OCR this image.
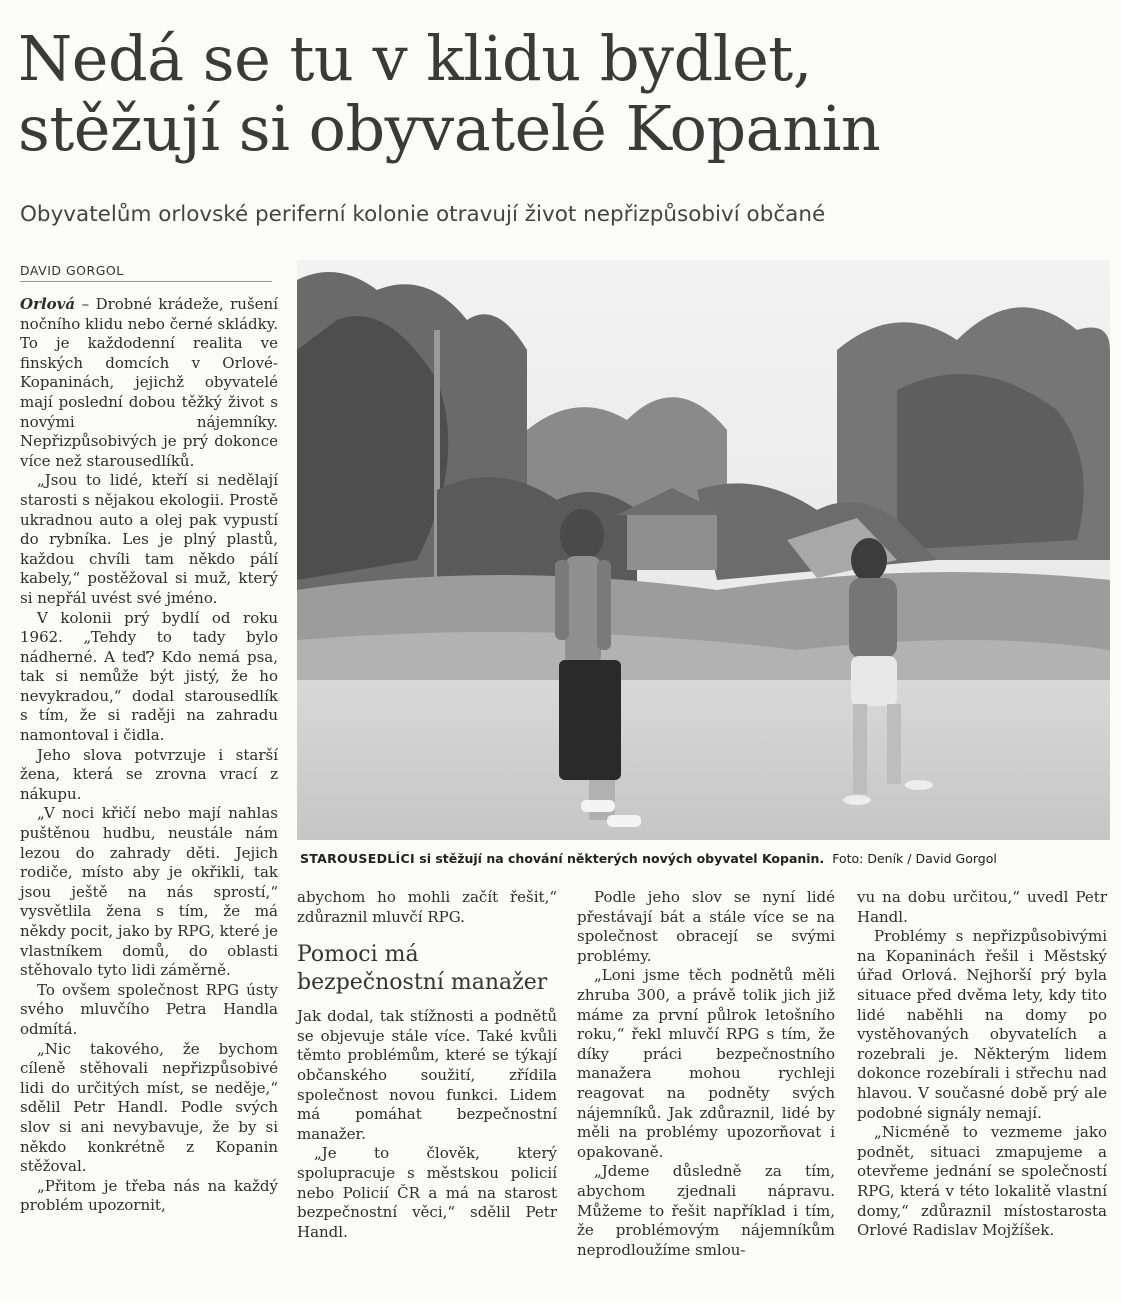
Nedá se tu v klidu bydlet,
stěžují si obyvatelé Kopanin
Obyvatelům orlovské periferní kolonie otravují život nepřizpůsobiví občané
DAVID GORGOL

Orlová – Drobné krádeže, rušení nočního klidu nebo černé skládky. To je každodenní realita ve finských domcích v Orlové-Kopaninách, jejichž obyvatelé mají poslední dobou těžký život s novými nájemníky. Nepřizpůsobivých je prý dokonce více než starousedlíků.

„Jsou to lidé, kteří si nedělají starosti s nějakou ekologii. Prostě ukradnou auto a olej pak vypustí do rybníka. Les je plný plastů, každou chvíli tam někdo pálí kabely,“ postěžoval si muž, který si nepřál uvést své jméno.

V kolonii prý bydlí od roku 1962. „Tehdy to tady bylo nádherné. A teď? Kdo nemá psa, tak si nemůže být jistý, že ho nevykradou,“ dodal starousedlík s tím, že si raději na zahradu namontoval i čidla.

Jeho slova potvrzuje i starší žena, která se zrovna vrací z nákupu.

„V noci křičí nebo mají nahlas puštěnou hudbu, neustále nám lezou do zahrady děti. Jejich rodiče, místo aby je okřikli, tak jsou ještě na nás sprostí,“ vysvětlila žena s tím, že má někdy pocit, jako by RPG, které je vlastníkem domů, do oblasti stěhovalo tyto lidi záměrně.

To ovšem společnost RPG ústy svého mluvčího Petra Handla odmítá.

„Nic takového, že bychom cíleně stěhovali nepřizpůsobivé lidi do určitých míst, se neděje,“ sdělil Petr Handl. Podle svých slov si ani nevybavuje, že by si někdo konkrétně z Kopanin stěžoval.

„Přitom je třeba nás na každý problém upozornit,

STAROUSEDLÍCI si stěžují na chování některých nových obyvatel Kopanin. Foto: Deník / David Gorgol

abychom ho mohli začít řešit,“ zdůraznil mluvčí RPG.

Pomoci má bezpečnostní manažer

Jak dodal, tak stížnosti a podnětů se objevuje stále více. Také kvůli těmto problémům, které se týkají občanského soužití, zřídila společnost novou funkci. Lidem má pomáhat bezpečnostní manažer.

„Je to člověk, který spolupracuje s městskou policií nebo Policií ČR a má na starost bezpečnostní věci,“ sdělil Petr Handl.

Podle jeho slov se nyní lidé přestávají bát a stále více se na společnost obracejí se svými problémy.

„Loni jsme těch podnětů měli zhruba 300, a právě tolik jich již máme za první půlrok letošního roku,“ řekl mluvčí RPG s tím, že díky práci bezpečnostního manažera mohou rychleji reagovat na podněty svých nájemníků. Jak zdůraznil, lidé by měli na problémy upozorňovat i opakovaně.

„Jdeme důsledně za tím, abychom zjednali nápravu. Můžeme to řešit například i tím, že problémovým nájemníkům neprodloužíme smlou-

vu na dobu určitou,“ uvedl Petr Handl.

Problémy s nepřizpůsobivými na Kopaninách řešil i Městský úřad Orlová. Nejhorší prý byla situace před dvěma lety, kdy tito lidé naběhli na domy po vystěhovaných obyvatelích a rozebrali je. Některým lidem dokonce rozebírali i střechu nad hlavou. V současné době prý ale podobné signály nemají.

„Nicméně to vezmeme jako podnět, situaci zmapujeme a otevřeme jednání se společností RPG, která v této lokalitě vlastní domy,“ zdůraznil místostarosta Orlové Radislav Mojžíšek.
